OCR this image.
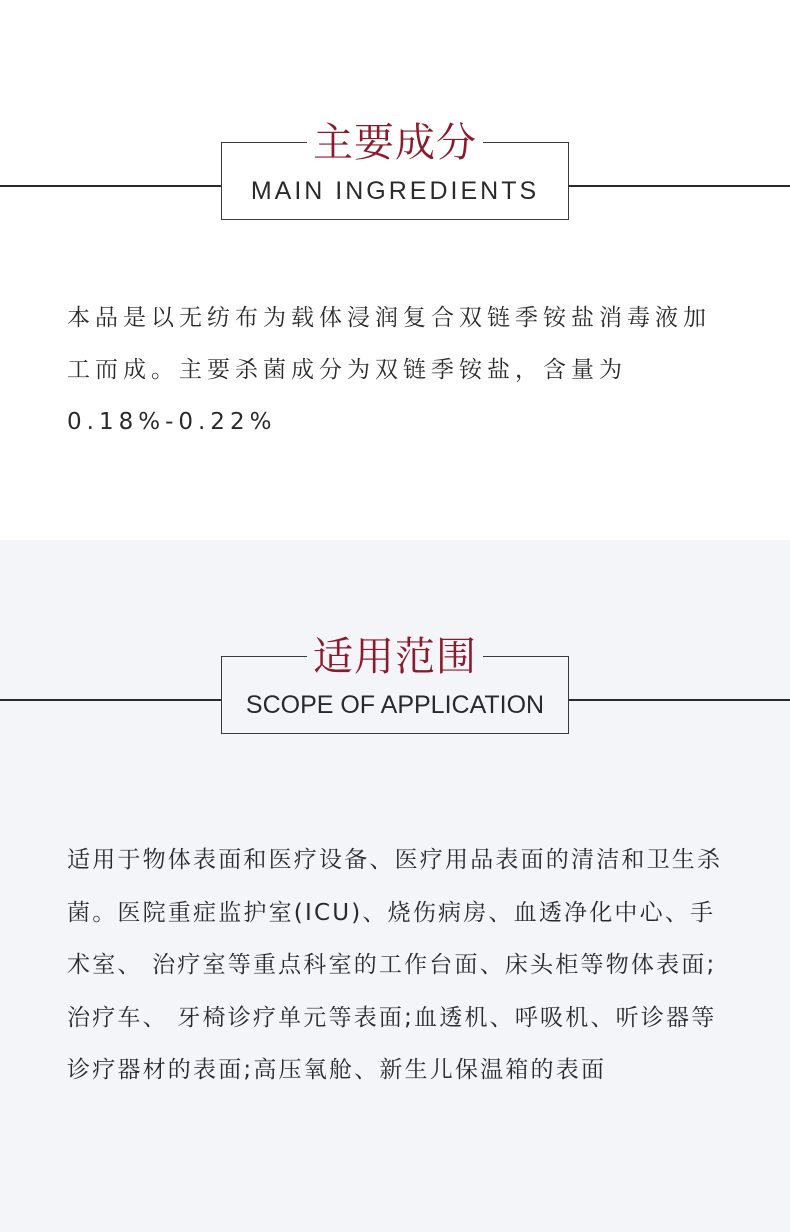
主要成分
MAIN INGREDIENTS
本品是以无纺布为载体浸润复合双链季铵盐消毒液加工而成。主要杀菌成分为双链季铵盐，含量为0.18%-0.22%
适用范围
SCOPE OF APPLICATION
适用于物体表面和医疗设备、医疗用品表面的清洁和卫生杀菌。医院重症监护室(ICU)、烧伤病房、血透净化中心、手术室、 治疗室等重点科室的工作台面、床头柜等物体表面;治疗车、 牙椅诊疗单元等表面;血透机、呼吸机、听诊器等诊疗器材的表面;高压氧舱、新生儿保温箱的表面
